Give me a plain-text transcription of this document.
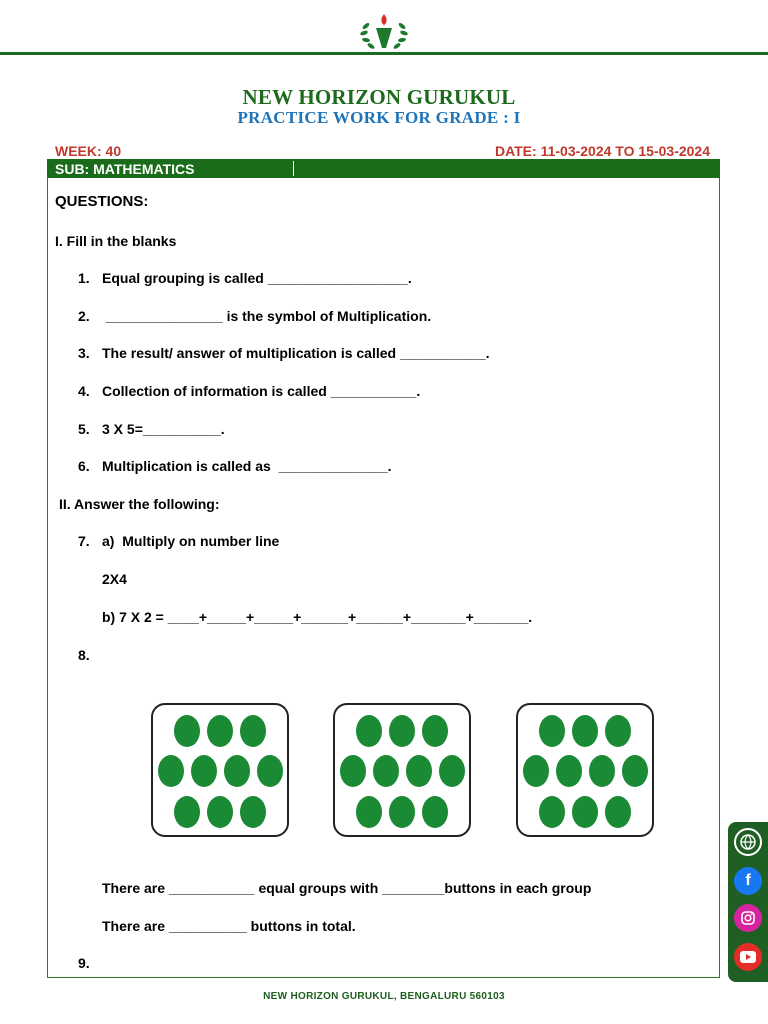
NEW HORIZON GURUKUL
PRACTICE WORK FOR GRADE : I
WEEK: 40	DATE: 11-03-2024 TO 15-03-2024
SUB: MATHEMATICS
QUESTIONS:
I. Fill in the blanks
1. Equal grouping is called __________________.
2. _______________ is the symbol of Multiplication.
3. The result/ answer of multiplication is called ___________.
4. Collection of information is called ___________.
5. 3 X 5=__________.
6. Multiplication is called as  ______________.
II. Answer the following:
7. a)  Multiply on number line
2X4
b) 7 X 2 = ____+_____+_____+______+______+_______+_______.
8.
There are ___________ equal groups with ________buttons in each group
There are __________ buttons in total.
9.
NEW HORIZON GURUKUL, BENGALURU 560103
f
